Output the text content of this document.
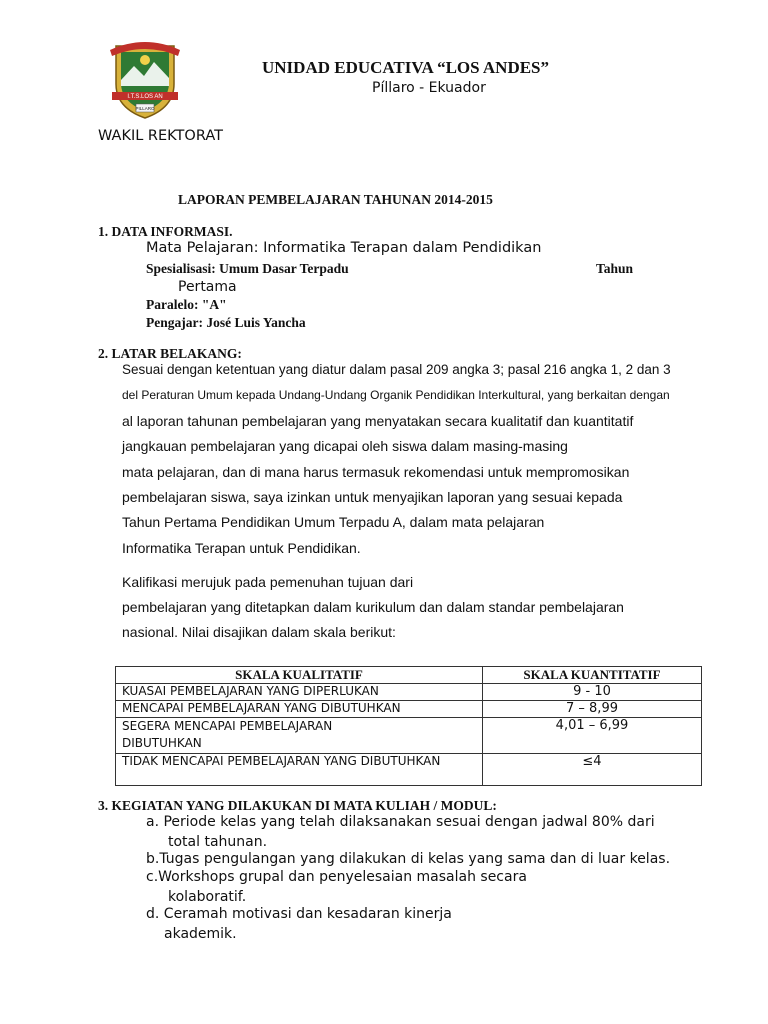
I.T.S.LOS AN
PILLARO
UNIDAD EDUCATIVA “LOS ANDES”
Píllaro - Ekuador
WAKIL REKTORAT
LAPORAN PEMBELAJARAN TAHUNAN 2014-2015
1. DATA INFORMASI.
Mata Pelajaran: Informatika Terapan dalam Pendidikan
Spesialisasi: Umum Dasar Terpadu	Tahun
Pertama
Paralelo: "A"
Pengajar: José Luis Yancha
2. LATAR BELAKANG:
Sesuai dengan ketentuan yang diatur dalam pasal 209 angka 3; pasal 216 angka 1, 2 dan 3
del Peraturan Umum kepada Undang-Undang Organik Pendidikan Interkultural, yang berkaitan dengan
al laporan tahunan pembelajaran yang menyatakan secara kualitatif dan kuantitatif
jangkauan pembelajaran yang dicapai oleh siswa dalam masing-masing
mata pelajaran, dan di mana harus termasuk rekomendasi untuk mempromosikan
pembelajaran siswa, saya izinkan untuk menyajikan laporan yang sesuai kepada
Tahun Pertama Pendidikan Umum Terpadu A, dalam mata pelajaran
Informatika Terapan untuk Pendidikan.
Kalifikasi merujuk pada pemenuhan tujuan dari
pembelajaran yang ditetapkan dalam kurikulum dan dalam standar pembelajaran
nasional. Nilai disajikan dalam skala berikut:
SKALA KUALITATIF	SKALA KUANTITATIF
KUASAI PEMBELAJARAN YANG DIPERLUKAN	9 - 10
MENCAPAI PEMBELAJARAN YANG DIBUTUHKAN	7 – 8,99
SEGERA MENCAPAI PEMBELAJARAN DIBUTUHKAN	4,01 – 6,99
TIDAK MENCAPAI PEMBELAJARAN YANG DIBUTUHKAN	≤4
3. KEGIATAN YANG DILAKUKAN DI MATA KULIAH / MODUL:
a. Periode kelas yang telah dilaksanakan sesuai dengan jadwal 80% dari
total tahunan.
b.Tugas pengulangan yang dilakukan di kelas yang sama dan di luar kelas.
c.Workshops grupal dan penyelesaian masalah secara
kolaboratif.
d. Ceramah motivasi dan kesadaran kinerja
akademik.
